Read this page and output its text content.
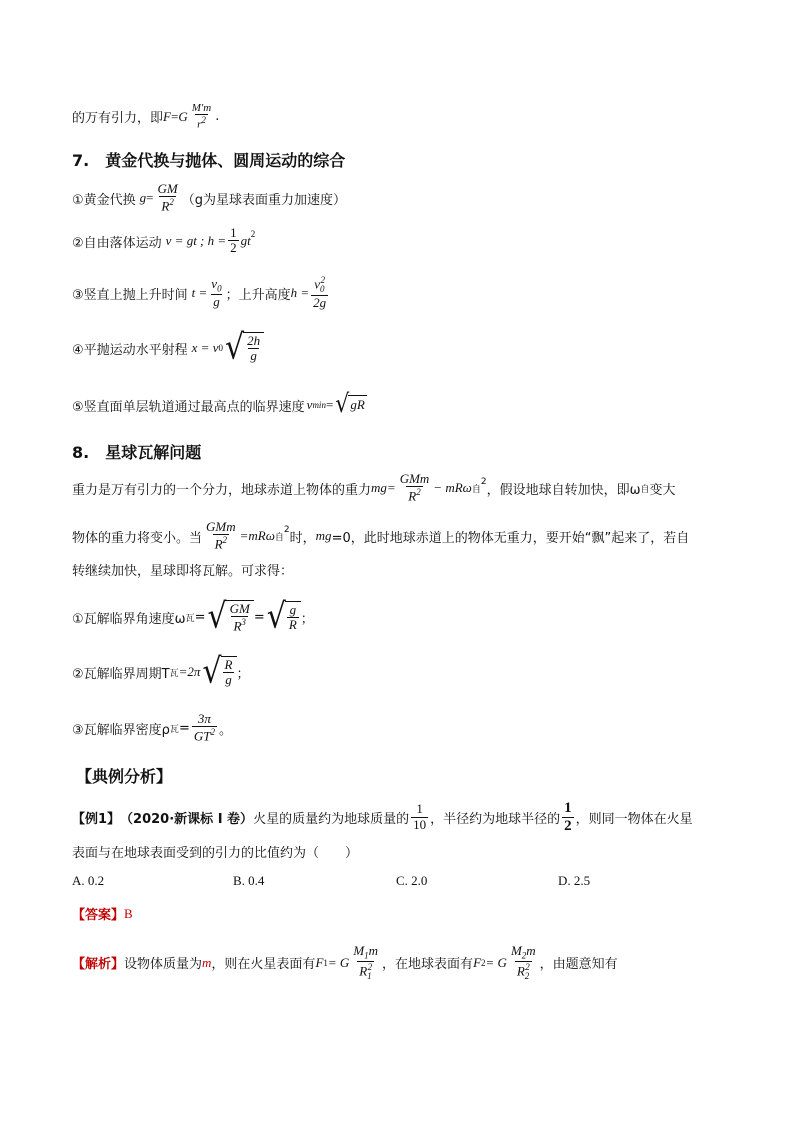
的万有引力，即 F = G $\frac{M'm}{r^2}$ .
7.　黄金代换与抛体、圆周运动的综合
①黄金代换 $g = \frac{GM}{R^2} (g$为星球表面重力加速度）
②自由落体运动 v = gt ; $h = \frac{1}{2} gt^2$
③竖直上抛上升时间 $t = \frac{v_0}{g}$ ；上升高度 $h = \frac{v_0^2}{2g}$
④平抛运动水平射程 x = v 0 √ $\frac{2h}{g}$
⑤竖直面单层轨道通过最高点的临界速度 v min = √ gR
8.　星球瓦解问题
重力是万有引力的一个分力，地球赤道上物体的重力 mg=
GMm
$R^2 - mR\omega$ 自
$^2$
，假设地球自转加快，即ω 自 变大
物体的重力将变小。当
GMm
$R^2 =mR\omega$ 自
$^2$
时， mg =0，此时地球赤道上的物体无重力，要开始“飘”起来了，若自
转继续加快，星球即将瓦解。可求得：
①瓦解临界角速度ω 瓦 = √ $\frac{GM}{R^3}$ = √ $\frac{g}{R}$ ；
②瓦解临界周期T 瓦 =2π √ $\frac{R}{g}$ ；
③瓦解临界密度ρ 瓦 = $\frac{3\pi}{GT^2}$ 。
【典例分析】
【例1】 （2020·新课标 I 卷） 火星的质量约为地球质量的 $\frac{1}{10}$ ，半径约为地球半径的 $\frac{1}{2}$ ，则同一物体在火星
表面与在地球表面受到的引力的比值约为（　　）
A. 0.2	B. 0.4	C. 2.0	D. 2.5
【答案】 B
【解析】 设物体质量为 m ，则在火星表面有 F 1 = G $\frac{M_1m}{R_1^2}$ ，在地球表面有 F 2 = G $\frac{M_2m}{R_2^2}$ ，由题意知有
